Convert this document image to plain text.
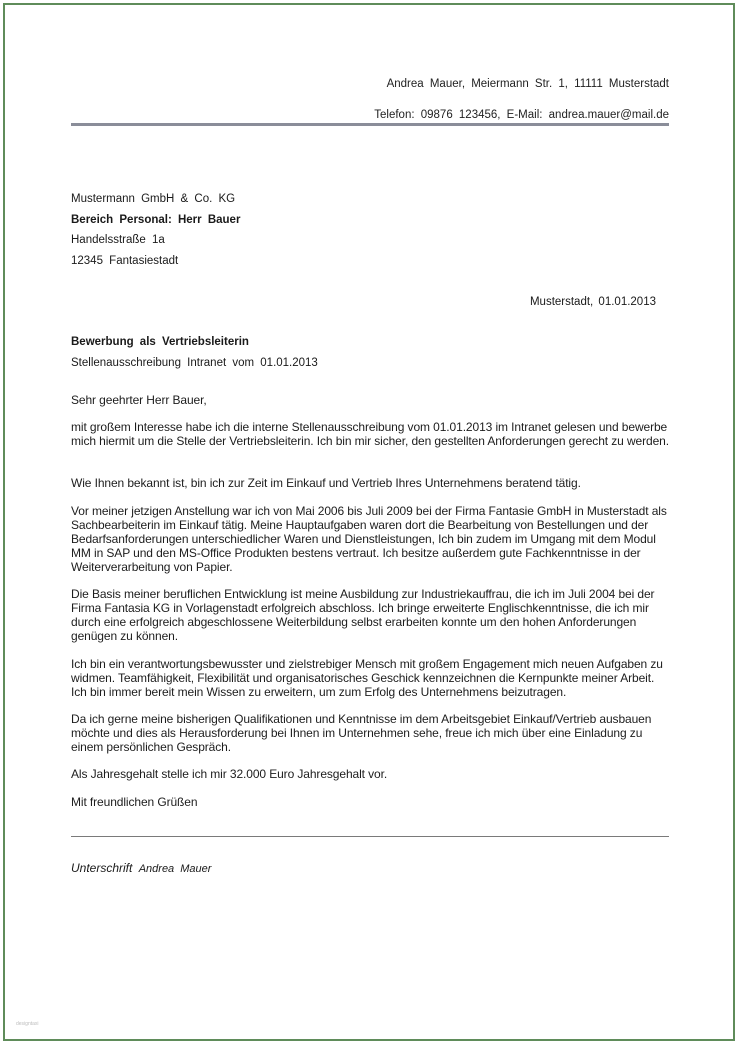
Andrea Mauer, Meiermann Str. 1, 11111 Musterstadt
Telefon: 09876 123456, E-Mail: andrea.mauer@mail.de
Mustermann GmbH & Co. KG
Bereich Personal: Herr Bauer
Handelsstraße 1a
12345 Fantasiestadt
Musterstadt, 01.01.2013
Bewerbung als Vertriebsleiterin
Stellenausschreibung Intranet vom 01.01.2013
Sehr geehrter Herr Bauer,
mit großem Interesse habe ich die interne Stellenausschreibung vom 01.01.2013 im Intranet gelesen und bewerbe mich hiermit um die Stelle der Vertriebsleiterin. Ich bin mir sicher, den gestellten Anforderungen gerecht zu werden.
Wie Ihnen bekannt ist, bin ich zur Zeit im Einkauf und Vertrieb Ihres Unternehmens beratend tätig.
Vor meiner jetzigen Anstellung war ich von Mai 2006 bis Juli 2009 bei der Firma Fantasie GmbH in Musterstadt als Sachbearbeiterin im Einkauf tätig. Meine Hauptaufgaben waren dort die Bearbeitung von Bestellungen und der Bedarfsanforderungen unterschiedlicher Waren und Dienstleistungen, Ich bin zudem im Umgang mit dem Modul MM in SAP und den MS-Office Produkten bestens vertraut. Ich besitze außerdem gute Fachkenntnisse in der Weiterverarbeitung von Papier.
Die Basis meiner beruflichen Entwicklung ist meine Ausbildung zur Industriekauffrau, die ich im Juli 2004 bei der Firma Fantasia KG in Vorlagenstadt erfolgreich abschloss. Ich bringe erweiterte Englischkenntnisse, die ich mir durch eine erfolgreich abgeschlossene Weiterbildung selbst erarbeiten konnte um den hohen Anforderungen genügen zu können.
Ich bin ein verantwortungsbewusster und zielstrebiger Mensch mit großem Engagement mich neuen Aufgaben zu widmen. Teamfähigkeit, Flexibilität und organisatorisches Geschick kennzeichnen die Kernpunkte meiner Arbeit. Ich bin immer bereit mein Wissen zu erweitern, um zum Erfolg des Unternehmens beizutragen.
Da ich gerne meine bisherigen Qualifikationen und Kenntnisse im dem Arbeitsgebiet Einkauf/Vertrieb ausbauen möchte und dies als Herausforderung bei Ihnen im Unternehmen sehe, freue ich mich über eine Einladung zu einem persönlichen Gespräch.
Als Jahresgehalt stelle ich mir 32.000 Euro Jahresgehalt vor.
Mit freundlichen Grüßen
Unterschrift Andrea Mauer
designtaxi
